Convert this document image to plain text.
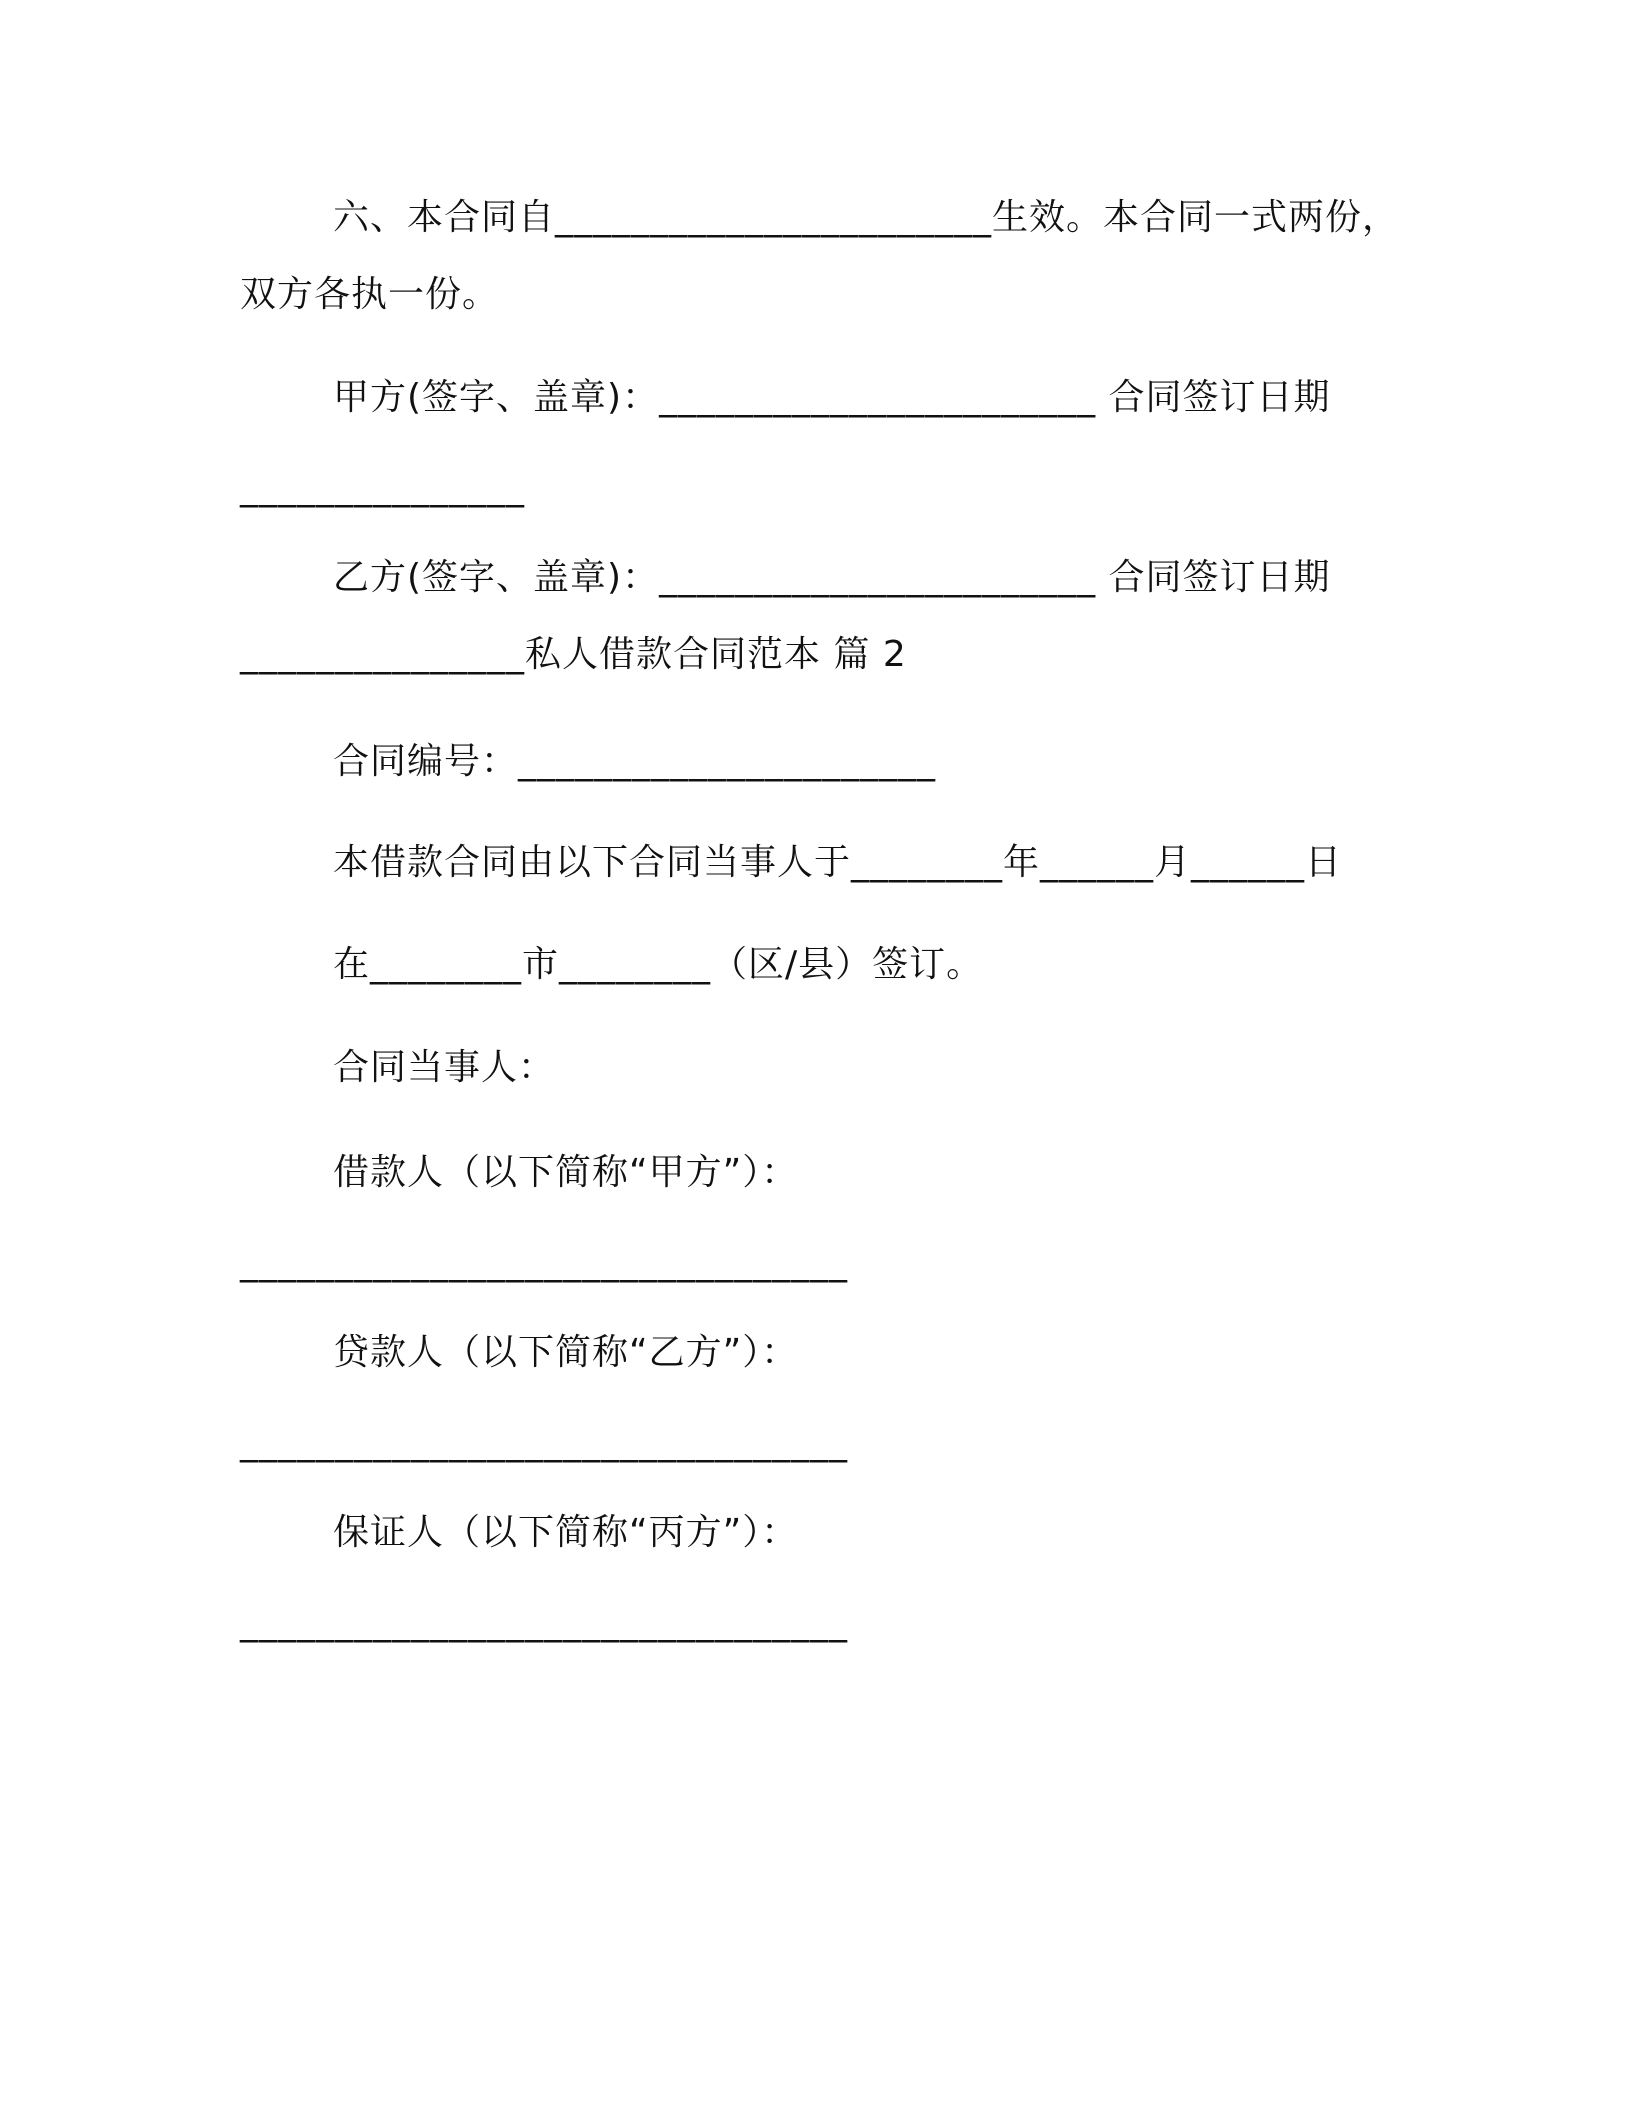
六、本合同自_______________________生效。本合同一式两份，
双方各执一份。
甲方(签字、盖章)：_______________________ 合同签订日期
_______________
乙方(签字、盖章)：_______________________ 合同签订日期
_______________私人借款合同范本 篇 2
合同编号：______________________
本借款合同由以下合同当事人于________年______月______日
在________市________（区/县）签订。
合同当事人：
借款人（以下简称“甲方”）：
________________________________
贷款人（以下简称“乙方”）：
________________________________
保证人（以下简称“丙方”）：
________________________________
